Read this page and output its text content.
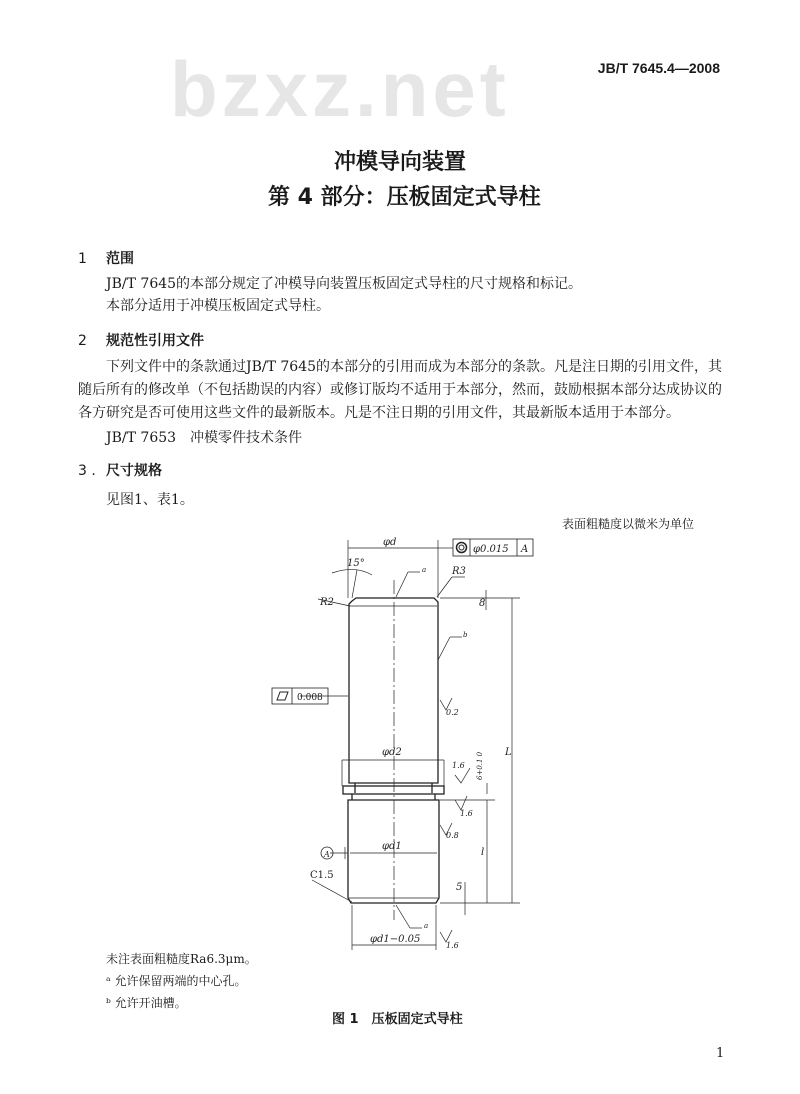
bzxz.net	JB/T 7645.4—2008
冲模导向装置
第 4 部分：压板固定式导柱
1 范围
JB/T 7645的本部分规定了冲模导向装置压板固定式导柱的尺寸规格和标记。
本部分适用于冲模压板固定式导柱。
2 规范性引用文件
下列文件中的条款通过JB/T 7645的本部分的引用而成为本部分的条款。凡是注日期的引用文件，其随后所有的修改单（不包括勘误的内容）或修订版均不适用于本部分，然而，鼓励根据本部分达成协议的各方研究是否可使用这些文件的最新版本。凡是不注日期的引用文件，其最新版本适用于本部分。
JB/T 7653　冲模零件技术条件
3 . 尺寸规格
见图1、表1。
表面粗糙度以微米为单位
φd
φ0.015 A
15°
R3
R2
a
b
8
0.008
0.2
φd2	6+0.1 0
1.6
1.6
0.8
L
l
φd1
A
C1.5
5
a
1.6
φd1−0.05
未注表面粗糙度Ra6.3μm。
ᵃ 允许保留两端的中心孔。
ᵇ 允许开油槽。
图 1　压板固定式导柱
1
